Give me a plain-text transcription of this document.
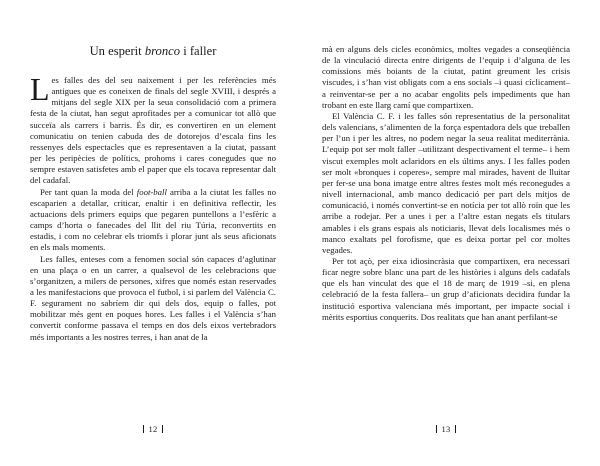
Un esperit bronco i faller

Les falles des del seu naixement i per les referències més antigues que es coneixen de finals del segle XVIII, i després a mitjans del segle XIX per la seua consolidació com a primera festa de la ciutat, han segut aprofitades per a comunicar tot allò que succeïa als carrers i barris. És dir, es convertiren en un element comunicatiu on tenien cabuda des de dotorejos d’escala fins les ressenyes dels espectacles que es representaven a la ciutat, passant per les peripècies de polítics, prohoms i cares conegudes que no sempre estaven satisfetes amb el paper que els tocava representar dalt del cadafal.

Per tant quan la moda del foot-ball arriba a la ciutat les falles no escaparien a detallar, criticar, enaltir i en definitiva reflectir, les actuacions dels primers equips que pegaren puntellons a l’esfèric a camps d’horta o fanecades del llit del riu Túria, reconvertits en estadis, i com no celebrar els triomfs i plorar junt als seus aficionats en els mals moments.

Les falles, enteses com a fenomen social són capaces d’aglutinar en una plaça o en un carrer, a qualsevol de les celebracions que s’organitzen, a milers de persones, xifres que només estan reservades a les manifestacions que provoca el futbol, i si parlem del València C. F. segurament no sabríem dir qui dels dos, equip o falles, pot mobilitzar més gent en poques hores. Les falles i el València s’han convertit conforme passava el temps en dos dels eixos vertebradors més importants a les nostres terres, i han anat de la

12

mà en alguns dels cicles econòmics, moltes vegades a conseqüència de la vinculació directa entre dirigents de l’equip i d’alguna de les comissions més boiants de la ciutat, patint greument les crisis viscudes, i s’han vist obligats com a ens socials –i quasi cíclicament– a reinventar-se per a no acabar engolits pels impediments que han trobant en este llarg camí que compartixen.

El València C. F. i les falles són representatius de la personalitat dels valencians, s’alimenten de la força espentadora dels que treballen per l’un i per les altres, no podem negar la seua realitat mediterrània. L’equip pot ser molt faller –utilitzant despectivament el terme– i hem viscut exemples molt aclaridors en els últims anys. I les falles poden ser molt «bronques i coperes», sempre mal mirades, havent de lluitar per fer-se una bona imatge entre altres festes molt més reconegudes a nivell internacional, amb manco dedicació per part dels mitjos de comunicació, i només convertint-se en notícia per tot allò roïn que les arribe a rodejar. Per a unes i per a l’altre estan negats els titulars amables i els grans espais als noticiaris, llevat dels localismes més o manco exaltats pel forofisme, que es deixa portar pel cor moltes vegades.

Per tot açò, per eixa idiosincràsia que compartixen, era necessari ficar negre sobre blanc una part de les històries i alguns dels cadafals que els han vinculat des que el 18 de març de 1919 –si, en plena celebració de la festa fallera– un grup d’aficionats decidira fundar la institució esportiva valenciana més important, per impacte social i mèrits esportius conquerits. Dos realitats que han anant perfilant-se

13
